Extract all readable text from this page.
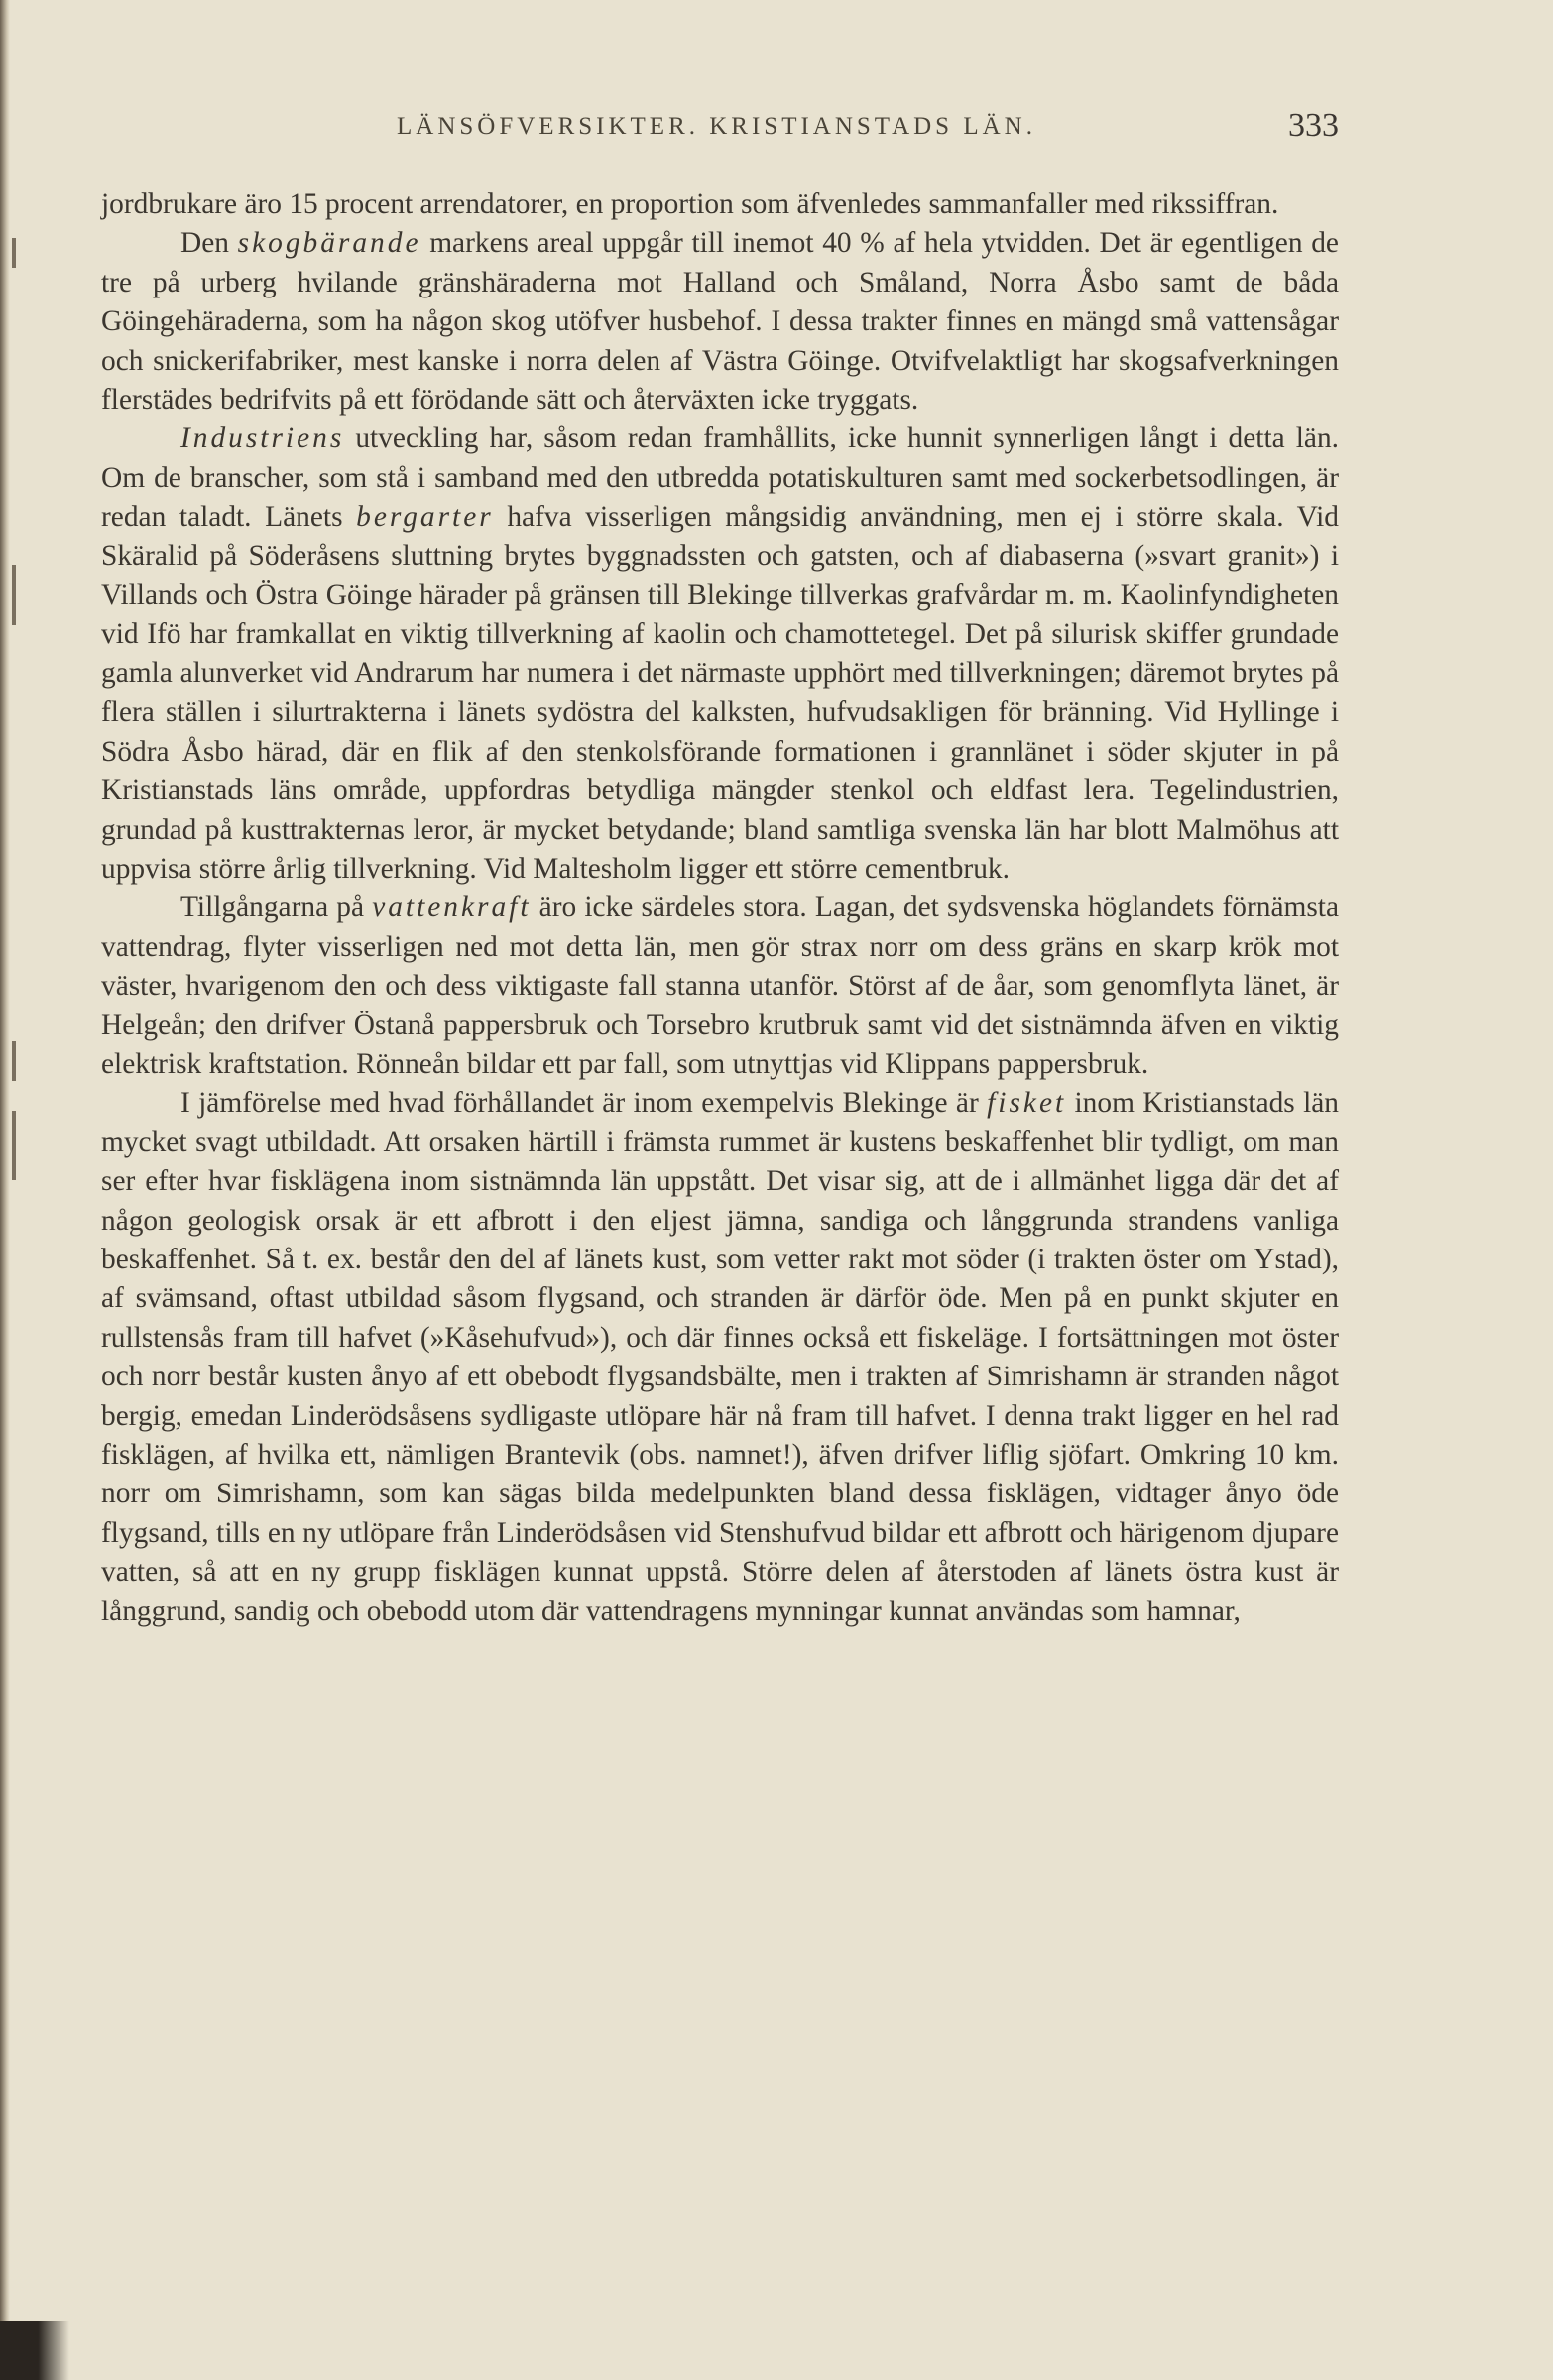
LÄNSÖFVERSIKTER. KRISTIANSTADS LÄN.	333

jordbrukare äro 15 procent arrendatorer, en proportion som äfvenledes sammanfaller med rikssiffran.

Den skogbärande markens areal uppgår till inemot 40 % af hela ytvidden. Det är egentligen de tre på urberg hvilande gränshäraderna mot Halland och Småland, Norra Åsbo samt de båda Göingehäraderna, som ha någon skog utöfver husbehof. I dessa trakter finnes en mängd små vattensågar och snickerifabriker, mest kanske i norra delen af Västra Göinge. Otvifvelaktligt har skogsafverkningen flerstädes bedrifvits på ett förödande sätt och återväxten icke tryggats.

Industriens utveckling har, såsom redan framhållits, icke hunnit synnerligen långt i detta län. Om de branscher, som stå i samband med den utbredda potatiskulturen samt med sockerbetsodlingen, är redan taladt. Länets bergarter hafva visserligen mångsidig användning, men ej i större skala. Vid Skäralid på Söderåsens sluttning brytes byggnadssten och gatsten, och af diabaserna (»svart granit») i Villands och Östra Göinge härader på gränsen till Blekinge tillverkas grafvårdar m. m. Kaolinfyndigheten vid Ifö har framkallat en viktig tillverkning af kaolin och chamottetegel. Det på silurisk skiffer grundade gamla alunverket vid Andrarum har numera i det närmaste upphört med tillverkningen; däremot brytes på flera ställen i silurtrakterna i länets sydöstra del kalksten, hufvudsakligen för bränning. Vid Hyllinge i Södra Åsbo härad, där en flik af den stenkolsförande formationen i grannlänet i söder skjuter in på Kristianstads läns område, uppfordras betydliga mängder stenkol och eldfast lera. Tegelindustrien, grundad på kusttrakternas leror, är mycket betydande; bland samtliga svenska län har blott Malmöhus att uppvisa större årlig tillverkning. Vid Maltesholm ligger ett större cementbruk.

Tillgångarna på vattenkraft äro icke särdeles stora. Lagan, det sydsvenska höglandets förnämsta vattendrag, flyter visserligen ned mot detta län, men gör strax norr om dess gräns en skarp krök mot väster, hvarigenom den och dess viktigaste fall stanna utanför. Störst af de åar, som genomflyta länet, är Helgeån; den drifver Östanå pappersbruk och Torsebro krutbruk samt vid det sistnämnda äfven en viktig elektrisk kraftstation. Rönneån bildar ett par fall, som utnyttjas vid Klippans pappersbruk.

I jämförelse med hvad förhållandet är inom exempelvis Blekinge är fisket inom Kristianstads län mycket svagt utbildadt. Att orsaken härtill i främsta rummet är kustens beskaffenhet blir tydligt, om man ser efter hvar fisklägena inom sistnämnda län uppstått. Det visar sig, att de i allmänhet ligga där det af någon geologisk orsak är ett afbrott i den eljest jämna, sandiga och långgrunda strandens vanliga beskaffenhet. Så t. ex. består den del af länets kust, som vetter rakt mot söder (i trakten öster om Ystad), af svämsand, oftast utbildad såsom flygsand, och stranden är därför öde. Men på en punkt skjuter en rullstensås fram till hafvet (»Kåsehufvud»), och där finnes också ett fiskeläge. I fortsättningen mot öster och norr består kusten ånyo af ett obebodt flygsandsbälte, men i trakten af Simrishamn är stranden något bergig, emedan Linderödsåsens sydligaste utlöpare här nå fram till hafvet. I denna trakt ligger en hel rad fisklägen, af hvilka ett, nämligen Brantevik (obs. namnet!), äfven drifver liflig sjöfart. Omkring 10 km. norr om Simrishamn, som kan sägas bilda medelpunkten bland dessa fisklägen, vidtager ånyo öde flygsand, tills en ny utlöpare från Linderödsåsen vid Stenshufvud bildar ett afbrott och härigenom djupare vatten, så att en ny grupp fisklägen kunnat uppstå. Större delen af återstoden af länets östra kust är långgrund, sandig och obebodd utom där vattendragens mynningar kunnat användas som hamnar,
